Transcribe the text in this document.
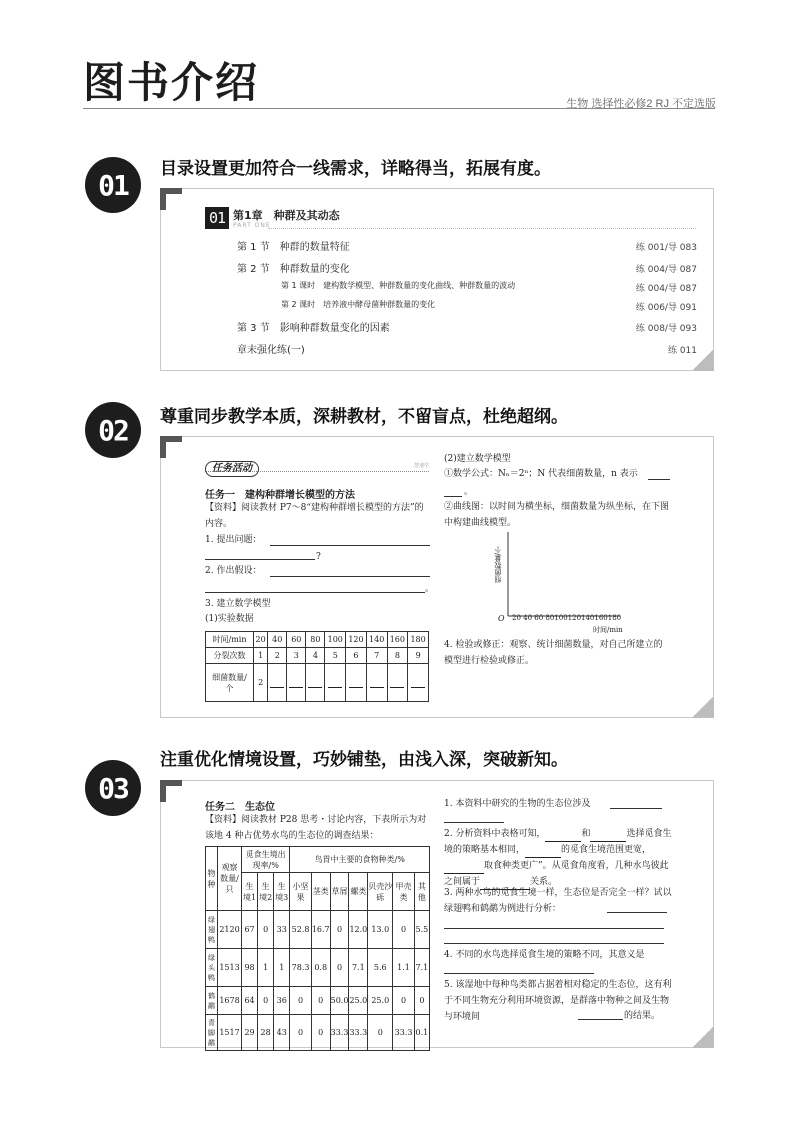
图书介绍	生物 选择性必修2 RJ 不定选版
01	目录设置更加符合一线需求，详略得当，拓展有度。
01 第1章　种群及其动态
PART ONE
第 1 节　种群的数量特征	练 001/导 083
第 2 节　种群数量的变化	练 004/导 087
第 1 课时　建构数学模型、种群数量的变化曲线、种群数量的波动	练 004/导 087
第 2 课时　培养液中酵母菌种群数量的变化	练 006/导 091
第 3 节　影响种群数量变化的因素	练 008/导 093
章末强化练(一)	练 011
02	尊重同步教学本质，深耕教材，不留盲点，杜绝超纲。
任务活动	慧速学
任务一　建构种群增长模型的方法
【资料】阅读教材 P7～8“建构种群增长模型的方法”的内容。
1. 提出问题：
?
2. 作出假设：
。
3. 建立数学模型
(1)实验数据
时间/min	20	40	60	80	100	120	140	160	180
分裂次数	1	2	3	4	5	6	7	8	9
细菌数量/个	2								
(2)建立数学模型
①数学公式：Nₙ＝2ⁿ；N 代表细菌数量，n 表示
。
②曲线图：以时间为横坐标，细菌数量为纵坐标，在下图中构建曲线模型。
细菌数量/个
O 20 40 60 80100120140160180
时间/min
4. 检验或修正：观察、统计细菌数量，对自己所建立的模型进行检验或修正。
03
注重优化情境设置，巧妙铺垫，由浅入深，突破新知。
任务二　生态位
【资料】阅读教材 P28 思考・讨论内容，下表所示为对该地 4 种占优势水鸟的生态位的调查结果：
物种	观察数量/只	觅食生境出现率/%			鸟胃中主要的食物种类/%						
		生境1	生境2	生境3	小坚果	茎类	草屑	螺类	贝壳沙砾	甲壳类	其他
绿翅鸭	2120	67	0	33	52.8	16.7	0	12.0	13.0	0	5.5
绿头鸭	1513	98	1	1	78.3	0.8	0	7.1	5.6	1.1	7.1
鹤鹬	1678	64	0	36	0	0	50.0	25.0	25.0	0	0
青脚鹬	1517	29	28	43	0	0	33.3	33.3	0	33.3	0.1
1. 本资料中研究的生物的生态位涉及
2. 分析资料中表格可知，	和	选择觅食生境的策略基本相同，	的觅食生境范围更宽，取食种类更广”。从觅食角度看，几种水鸟彼此之间属于	关系。
3. 两种水鸟的觅食生境一样，生态位是否完全一样？试以绿翅鸭和鹤鹬为例进行分析：
4. 不同的水鸟选择觅食生境的策略不同，其意义是
5. 该湿地中每种鸟类都占据着相对稳定的生态位，这有利于不同生物充分利用环境资源，是群落中物种之间及生物与环境间	的结果。
